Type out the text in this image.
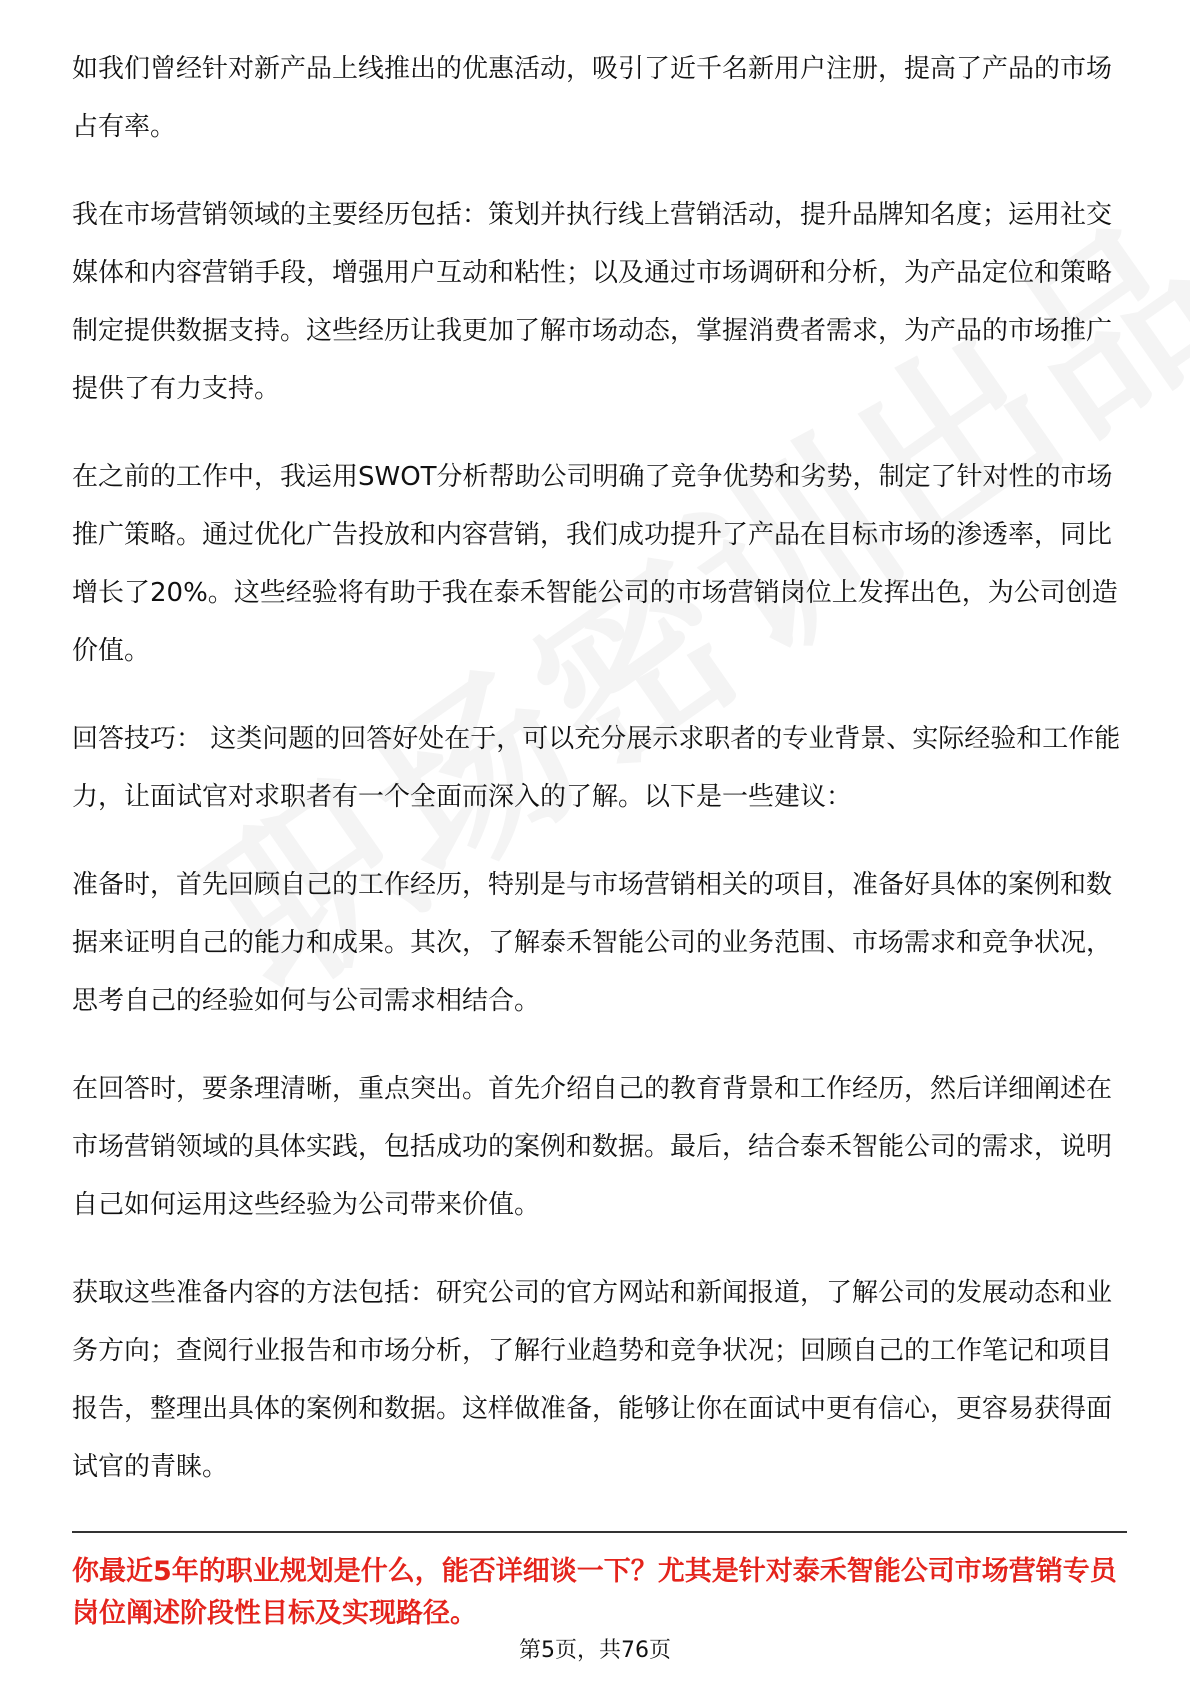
如我们曾经针对新产品上线推出的优惠活动，吸引了近千名新用户注册，提高了产品的市场占有率。

我在市场营销领域的主要经历包括：策划并执行线上营销活动，提升品牌知名度；运用社交媒体和内容营销手段，增强用户互动和粘性；以及通过市场调研和分析，为产品定位和策略制定提供数据支持。这些经历让我更加了解市场动态，掌握消费者需求，为产品的市场推广提供了有力支持。

在之前的工作中，我运用SWOT分析帮助公司明确了竞争优势和劣势，制定了针对性的市场推广策略。通过优化广告投放和内容营销，我们成功提升了产品在目标市场的渗透率，同比增长了20%。这些经验将有助于我在泰禾智能公司的市场营销岗位上发挥出色，为公司创造价值。

回答技巧： 这类问题的回答好处在于，可以充分展示求职者的专业背景、实际经验和工作能力，让面试官对求职者有一个全面而深入的了解。以下是一些建议：

准备时，首先回顾自己的工作经历，特别是与市场营销相关的项目，准备好具体的案例和数据来证明自己的能力和成果。其次，了解泰禾智能公司的业务范围、市场需求和竞争状况，思考自己的经验如何与公司需求相结合。

在回答时，要条理清晰，重点突出。首先介绍自己的教育背景和工作经历，然后详细阐述在市场营销领域的具体实践，包括成功的案例和数据。最后，结合泰禾智能公司的需求，说明自己如何运用这些经验为公司带来价值。

获取这些准备内容的方法包括：研究公司的官方网站和新闻报道，了解公司的发展动态和业务方向；查阅行业报告和市场分析，了解行业趋势和竞争状况；回顾自己的工作笔记和项目报告，整理出具体的案例和数据。这样做准备，能够让你在面试中更有信心，更容易获得面试官的青睐。

你最近5年的职业规划是什么，能否详细谈一下？尤其是针对泰禾智能公司市场营销专员岗位阐述阶段性目标及实现路径。

第5页，共76页
